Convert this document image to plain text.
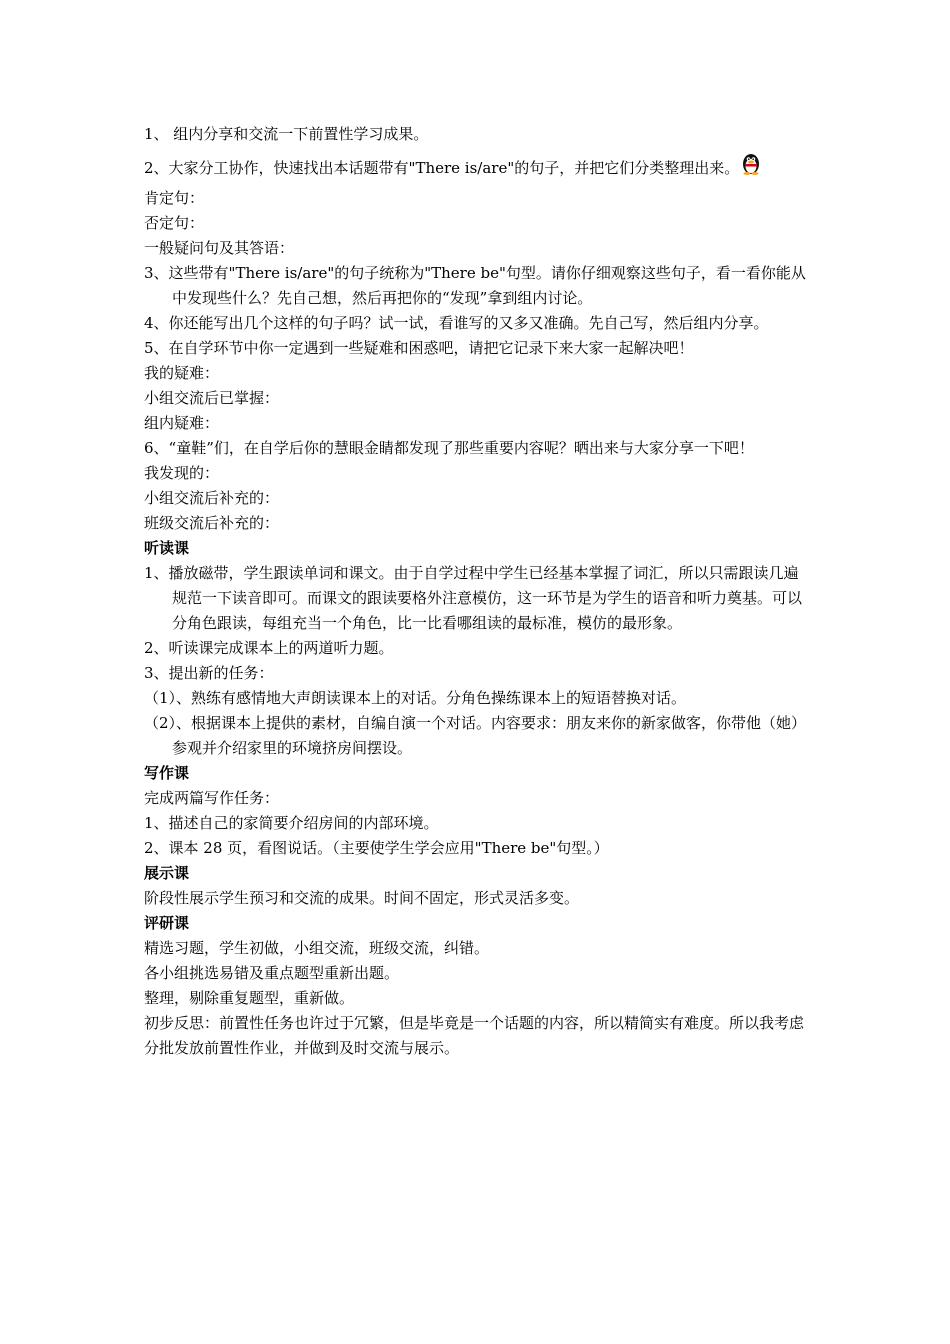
1、 组内分享和交流一下前置性学习成果。
2、大家分工协作，快速找出本话题带有"There is/are"的句子，并把它们分类整理出来。
肯定句：
否定句：
一般疑问句及其答语：
3、这些带有"There is/are"的句子统称为"There be"句型。请你仔细观察这些句子，看一看你能从中发现些什么？先自己想，然后再把你的“发现”拿到组内讨论。
4、你还能写出几个这样的句子吗？试一试，看谁写的又多又准确。先自己写，然后组内分享。
5、在自学环节中你一定遇到一些疑难和困惑吧，请把它记录下来大家一起解决吧！
我的疑难：
小组交流后已掌握：
组内疑难：
6、“童鞋”们，在自学后你的慧眼金睛都发现了那些重要内容呢？晒出来与大家分享一下吧！
我发现的：
小组交流后补充的：
班级交流后补充的：
听读课
1、播放磁带，学生跟读单词和课文。由于自学过程中学生已经基本掌握了词汇，所以只需跟读几遍规范一下读音即可。而课文的跟读要格外注意模仿，这一环节是为学生的语音和听力奠基。可以分角色跟读，每组充当一个角色，比一比看哪组读的最标准，模仿的最形象。
2、听读课完成课本上的两道听力题。
3、提出新的任务：
（1）、熟练有感情地大声朗读课本上的对话。分角色操练课本上的短语替换对话。
（2）、根据课本上提供的素材，自编自演一个对话。内容要求：朋友来你的新家做客，你带他（她）参观并介绍家里的环境挤房间摆设。
写作课
完成两篇写作任务：
1、描述自己的家简要介绍房间的内部环境。
2、课本 28 页，看图说话。（主要使学生学会应用"There be"句型。）
展示课
阶段性展示学生预习和交流的成果。时间不固定，形式灵活多变。
评研课
精选习题，学生初做，小组交流，班级交流，纠错。
各小组挑选易错及重点题型重新出题。
整理，剔除重复题型，重新做。
初步反思：前置性任务也许过于冗繁，但是毕竟是一个话题的内容，所以精简实有难度。所以我考虑分批发放前置性作业，并做到及时交流与展示。
